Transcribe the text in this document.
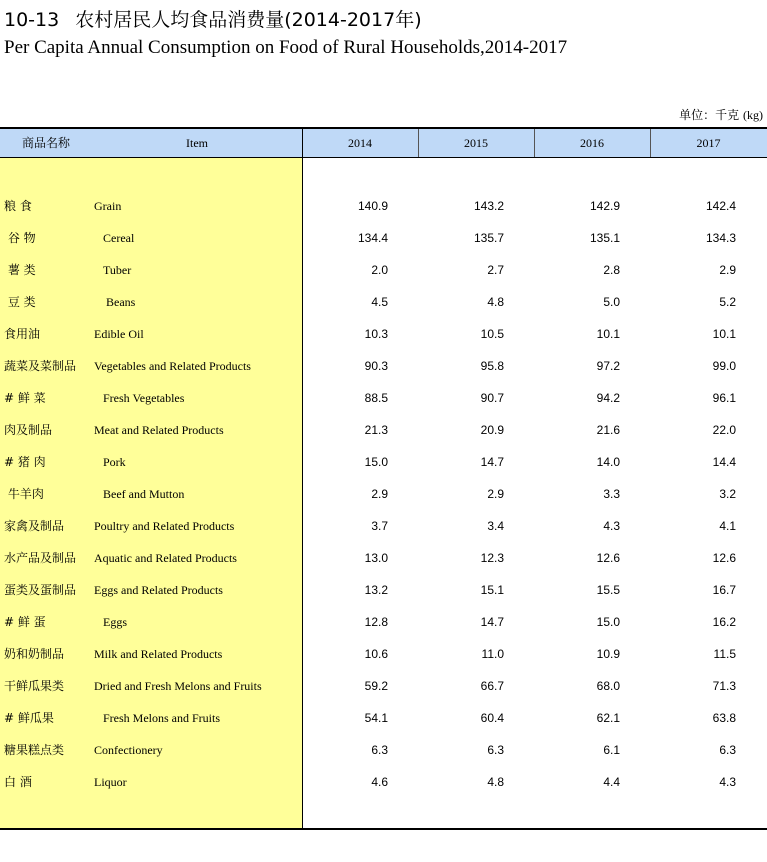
10-13 农村居民人均食品消费量(2014-2017年)
Per Capita Annual Consumption on Food of Rural Households,2014-2017
单位：千克 (kg)
商品名称	Item	2014	2015	2016	2017
粮 食	Grain	140.9	143.2	142.9	142.4
谷 物	Cereal	134.4	135.7	135.1	134.3
薯 类	Tuber	2.0	2.7	2.8	2.9
豆 类	Beans	4.5	4.8	5.0	5.2
食用油	Edible Oil	10.3	10.5	10.1	10.1
蔬菜及菜制品 Vegetables and Related Products	90.3	95.8	97.2	99.0
# 鲜 菜	Fresh Vegetables	88.5	90.7	94.2	96.1
肉及制品	Meat and Related Products	21.3	20.9	21.6	22.0
# 猪 肉	Pork	15.0	14.7	14.0	14.4
牛羊肉	Beef and Mutton	2.9	2.9	3.3	3.2
家禽及制品 Poultry and Related Products	3.7	3.4	4.3	4.1
水产品及制品 Aquatic and Related Products	13.0	12.3	12.6	12.6
蛋类及蛋制品 Eggs and Related Products	13.2	15.1	15.5	16.7
# 鲜 蛋	Eggs	12.8	14.7	15.0	16.2
奶和奶制品 Milk and Related Products	10.6	11.0	10.9	11.5
干鲜瓜果类 Dried and Fresh Melons and Fruits	59.2	66.7	68.0	71.3
# 鲜瓜果	Fresh Melons and Fruits	54.1	60.4	62.1	63.8
糖果糕点类 Confectionery	6.3	6.3	6.1	6.3
白 酒	Liquor	4.6	4.8	4.4	4.3
